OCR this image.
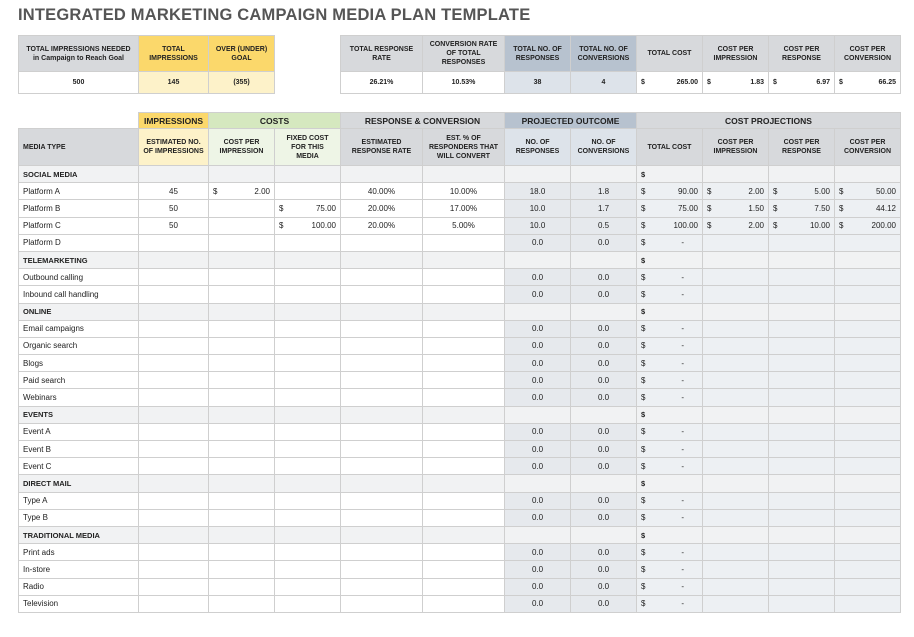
INTEGRATED MARKETING CAMPAIGN MEDIA PLAN TEMPLATE
TOTAL IMPRESSIONS NEEDED in Campaign to Reach Goal	TOTAL IMPRESSIONS	OVER (UNDER) GOAL		TOTAL RESPONSE RATE	CONVERSION RATE OF TOTAL RESPONSES	TOTAL NO. OF RESPONSES	TOTAL NO. OF CONVERSIONS	TOTAL COST	COST PER IMPRESSION	COST PER RESPONSE	COST PER CONVERSION
500	145	(355)		26.21%	10.53%	38	4	$ 265.00	$ 1.83	$ 6.97	$ 66.25
	IMPRESSIONS	COSTS		RESPONSE & CONVERSION		PROJECTED OUTCOME		COST PROJECTIONS			
MEDIA TYPE	ESTIMATED NO. OF IMPRESSIONS	COST PER IMPRESSION	FIXED COST FOR THIS MEDIA	ESTIMATED RESPONSE RATE	EST. % OF RESPONDERS THAT WILL CONVERT	NO. OF RESPONSES	NO. OF CONVERSIONS	TOTAL COST	COST PER IMPRESSION	COST PER RESPONSE	COST PER CONVERSION
SOCIAL MEDIA								$			

Platform A	45	$ 2.00		40.00%	10.00%	18.0	1.8	$ 90.00	$ 2.00	$ 5.00	$ 50.00

Platform B	50		$ 75.00	20.00%	17.00%	10.0	1.7	$ 75.00	$ 1.50	$ 7.50	$ 44.12

Platform C	50		$ 100.00	20.00%	5.00%	10.0	0.5	$ 100.00	$ 2.00	$ 10.00	$ 200.00

Platform D						0.0	0.0	$ -			

TELEMARKETING								$			

Outbound calling						0.0	0.0	$ -			

Inbound call handling						0.0	0.0	$ -			

ONLINE								$			

Email campaigns						0.0	0.0	$ -			

Organic search						0.0	0.0	$ -			

Blogs						0.0	0.0	$ -			

Paid search						0.0	0.0	$ -			

Webinars						0.0	0.0	$ -			

EVENTS								$			

Event A						0.0	0.0	$ -			

Event B						0.0	0.0	$ -			

Event C						0.0	0.0	$ -			

DIRECT MAIL								$			

Type A						0.0	0.0	$ -			

Type B						0.0	0.0	$ -			

TRADITIONAL MEDIA								$			

Print ads						0.0	0.0	$ -			

In-store						0.0	0.0	$ -			

Radio						0.0	0.0	$ -			

Television						0.0	0.0	$ -			
